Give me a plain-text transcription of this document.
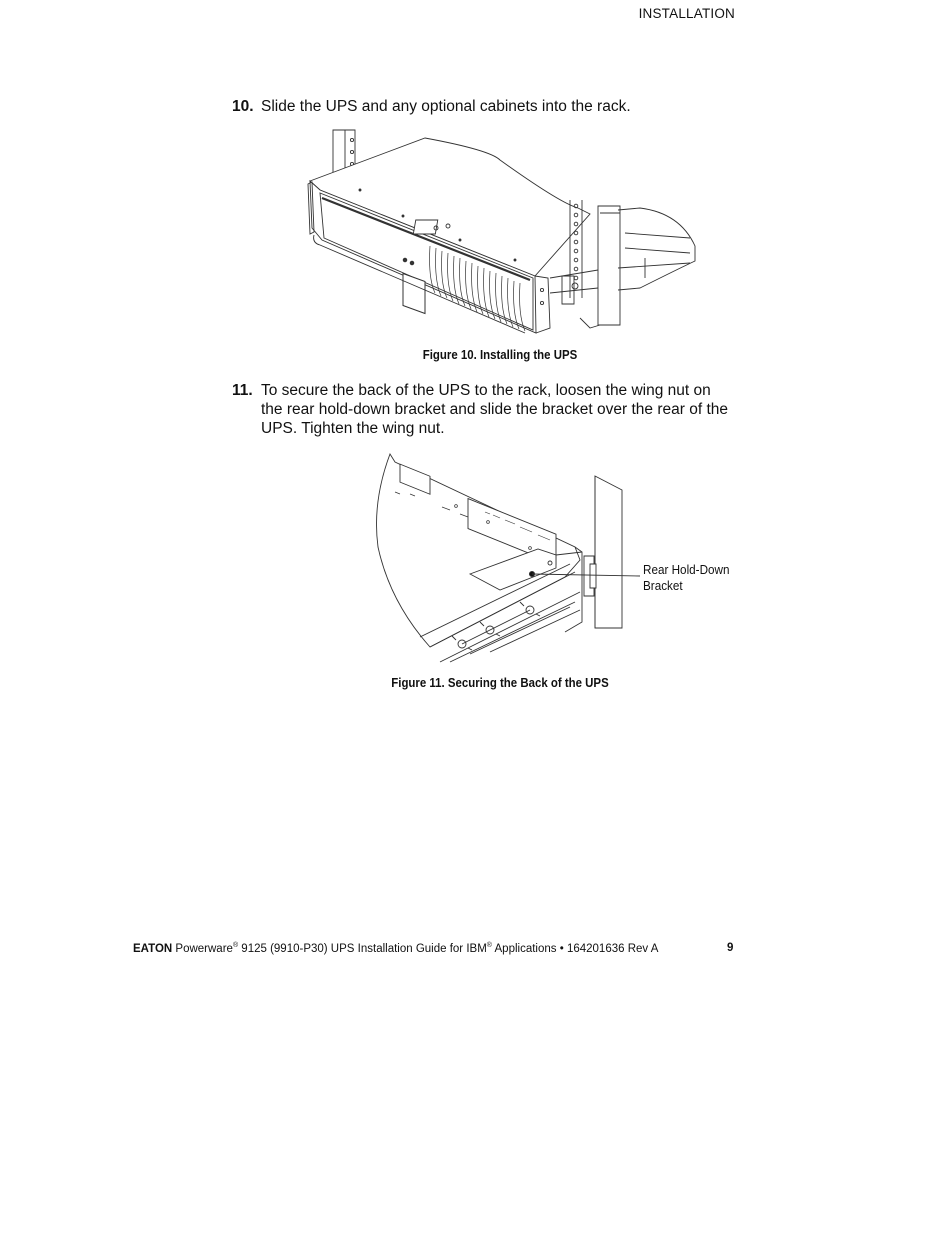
INSTALLATION
10. Slide the UPS and any optional cabinets into the rack.
Figure 10. Installing the UPS
11. To secure the back of the UPS to the rack, loosen the wing nut on the rear hold-down bracket and slide the bracket over the rear of the UPS. Tighten the wing nut.
Rear Hold-Down
Bracket
Figure 11. Securing the Back of the UPS
EATON Powerware® 9125 (9910-P30) UPS Installation Guide for IBM® Applications • 164201636 Rev A	9
